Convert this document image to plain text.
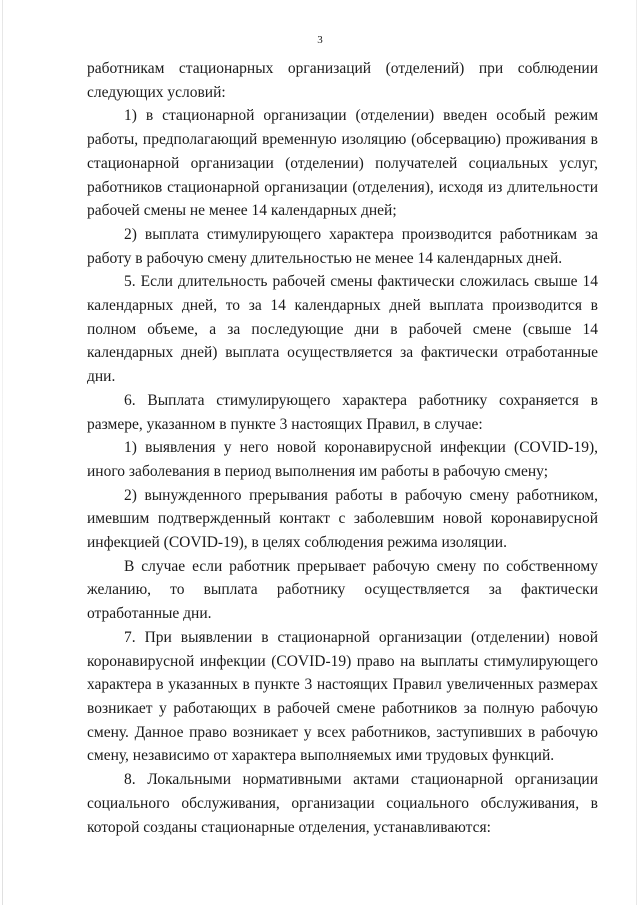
3

работникам стационарных организаций (отделений) при соблюдении следующих условий:

1) в стационарной организации (отделении) введен особый режим работы, предполагающий временную изоляцию (обсервацию) проживания в стационарной организации (отделении) получателей социальных услуг, работников стационарной организации (отделения), исходя из длительности рабочей смены не менее 14 календарных дней;

2) выплата стимулирующего характера производится работникам за работу в рабочую смену длительностью не менее 14 календарных дней.

5. Если длительность рабочей смены фактически сложилась свыше 14 календарных дней, то за 14 календарных дней выплата производится в полном объеме, а за последующие дни в рабочей смене (свыше 14 календарных дней) выплата осуществляется за фактически отработанные дни.

6. Выплата стимулирующего характера работнику сохраняется в размере, указанном в пункте 3 настоящих Правил, в случае:

1) выявления у него новой коронавирусной инфекции (COVID-19), иного заболевания в период выполнения им работы в рабочую смену;

2) вынужденного прерывания работы в рабочую смену работником, имевшим подтвержденный контакт с заболевшим новой коронавирусной инфекцией (COVID-19), в целях соблюдения режима изоляции.

В случае если работник прерывает рабочую смену по собственному желанию, то выплата работнику осуществляется за фактически отработанные дни.

7. При выявлении в стационарной организации (отделении) новой коронавирусной инфекции (COVID-19) право на выплаты стимулирующего характера в указанных в пункте 3 настоящих Правил увеличенных размерах возникает у работающих в рабочей смене работников за полную рабочую смену. Данное право возникает у всех работников, заступивших в рабочую смену, независимо от характера выполняемых ими трудовых функций.

8. Локальными нормативными актами стационарной организации социального обслуживания, организации социального обслуживания, в которой созданы стационарные отделения, устанавливаются:
